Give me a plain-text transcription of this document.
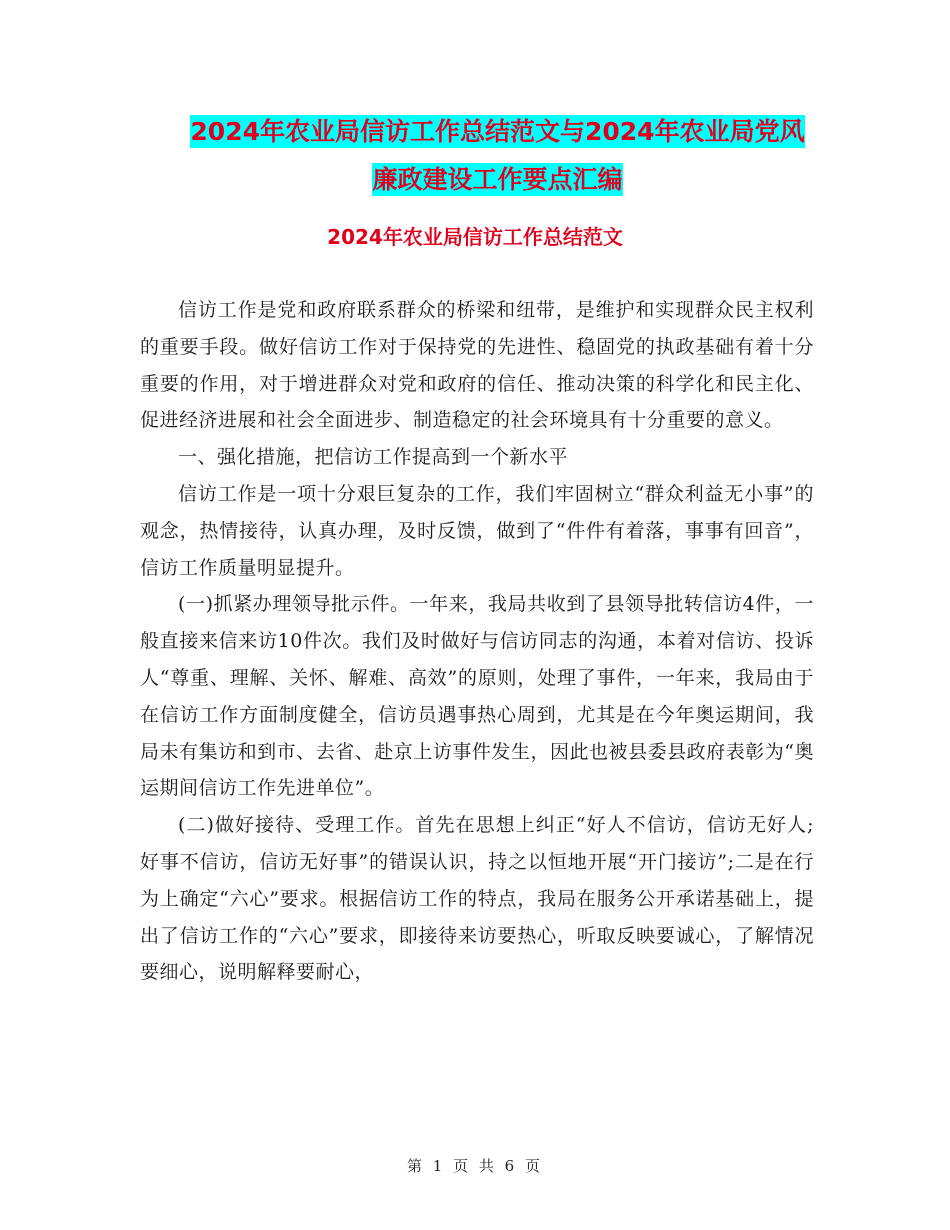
2024年农业局信访工作总结范文与2024年农业局党风
廉政建设工作要点汇编
2024年农业局信访工作总结范文

信访工作是党和政府联系群众的桥梁和纽带，是维护和实现群众民主权利的重要手段。做好信访工作对于保持党的先进性、稳固党的执政基础有着十分重要的作用，对于增进群众对党和政府的信任、推动决策的科学化和民主化、促进经济进展和社会全面进步、制造稳定的社会环境具有十分重要的意义。

一、强化措施，把信访工作提高到一个新水平

信访工作是一项十分艰巨复杂的工作，我们牢固树立“群众利益无小事”的观念，热情接待，认真办理，及时反馈，做到了“件件有着落，事事有回音”，信访工作质量明显提升。

(一)抓紧办理领导批示件。一年来，我局共收到了县领导批转信访4件，一般直接来信来访10件次。我们及时做好与信访同志的沟通，本着对信访、投诉人“尊重、理解、关怀、解难、高效”的原则，处理了事件，一年来，我局由于在信访工作方面制度健全，信访员遇事热心周到，尤其是在今年奥运期间，我局未有集访和到市、去省、赴京上访事件发生，因此也被县委县政府表彰为“奥运期间信访工作先进单位”。

(二)做好接待、受理工作。首先在思想上纠正“好人不信访，信访无好人;好事不信访，信访无好事”的错误认识，持之以恒地开展“开门接访”;二是在行为上确定“六心”要求。根据信访工作的特点，我局在服务公开承诺基础上，提出了信访工作的“六心”要求，即接待来访要热心，听取反映要诚心，了解情况要细心，说明解释要耐心，

第 1 页 共 6 页
